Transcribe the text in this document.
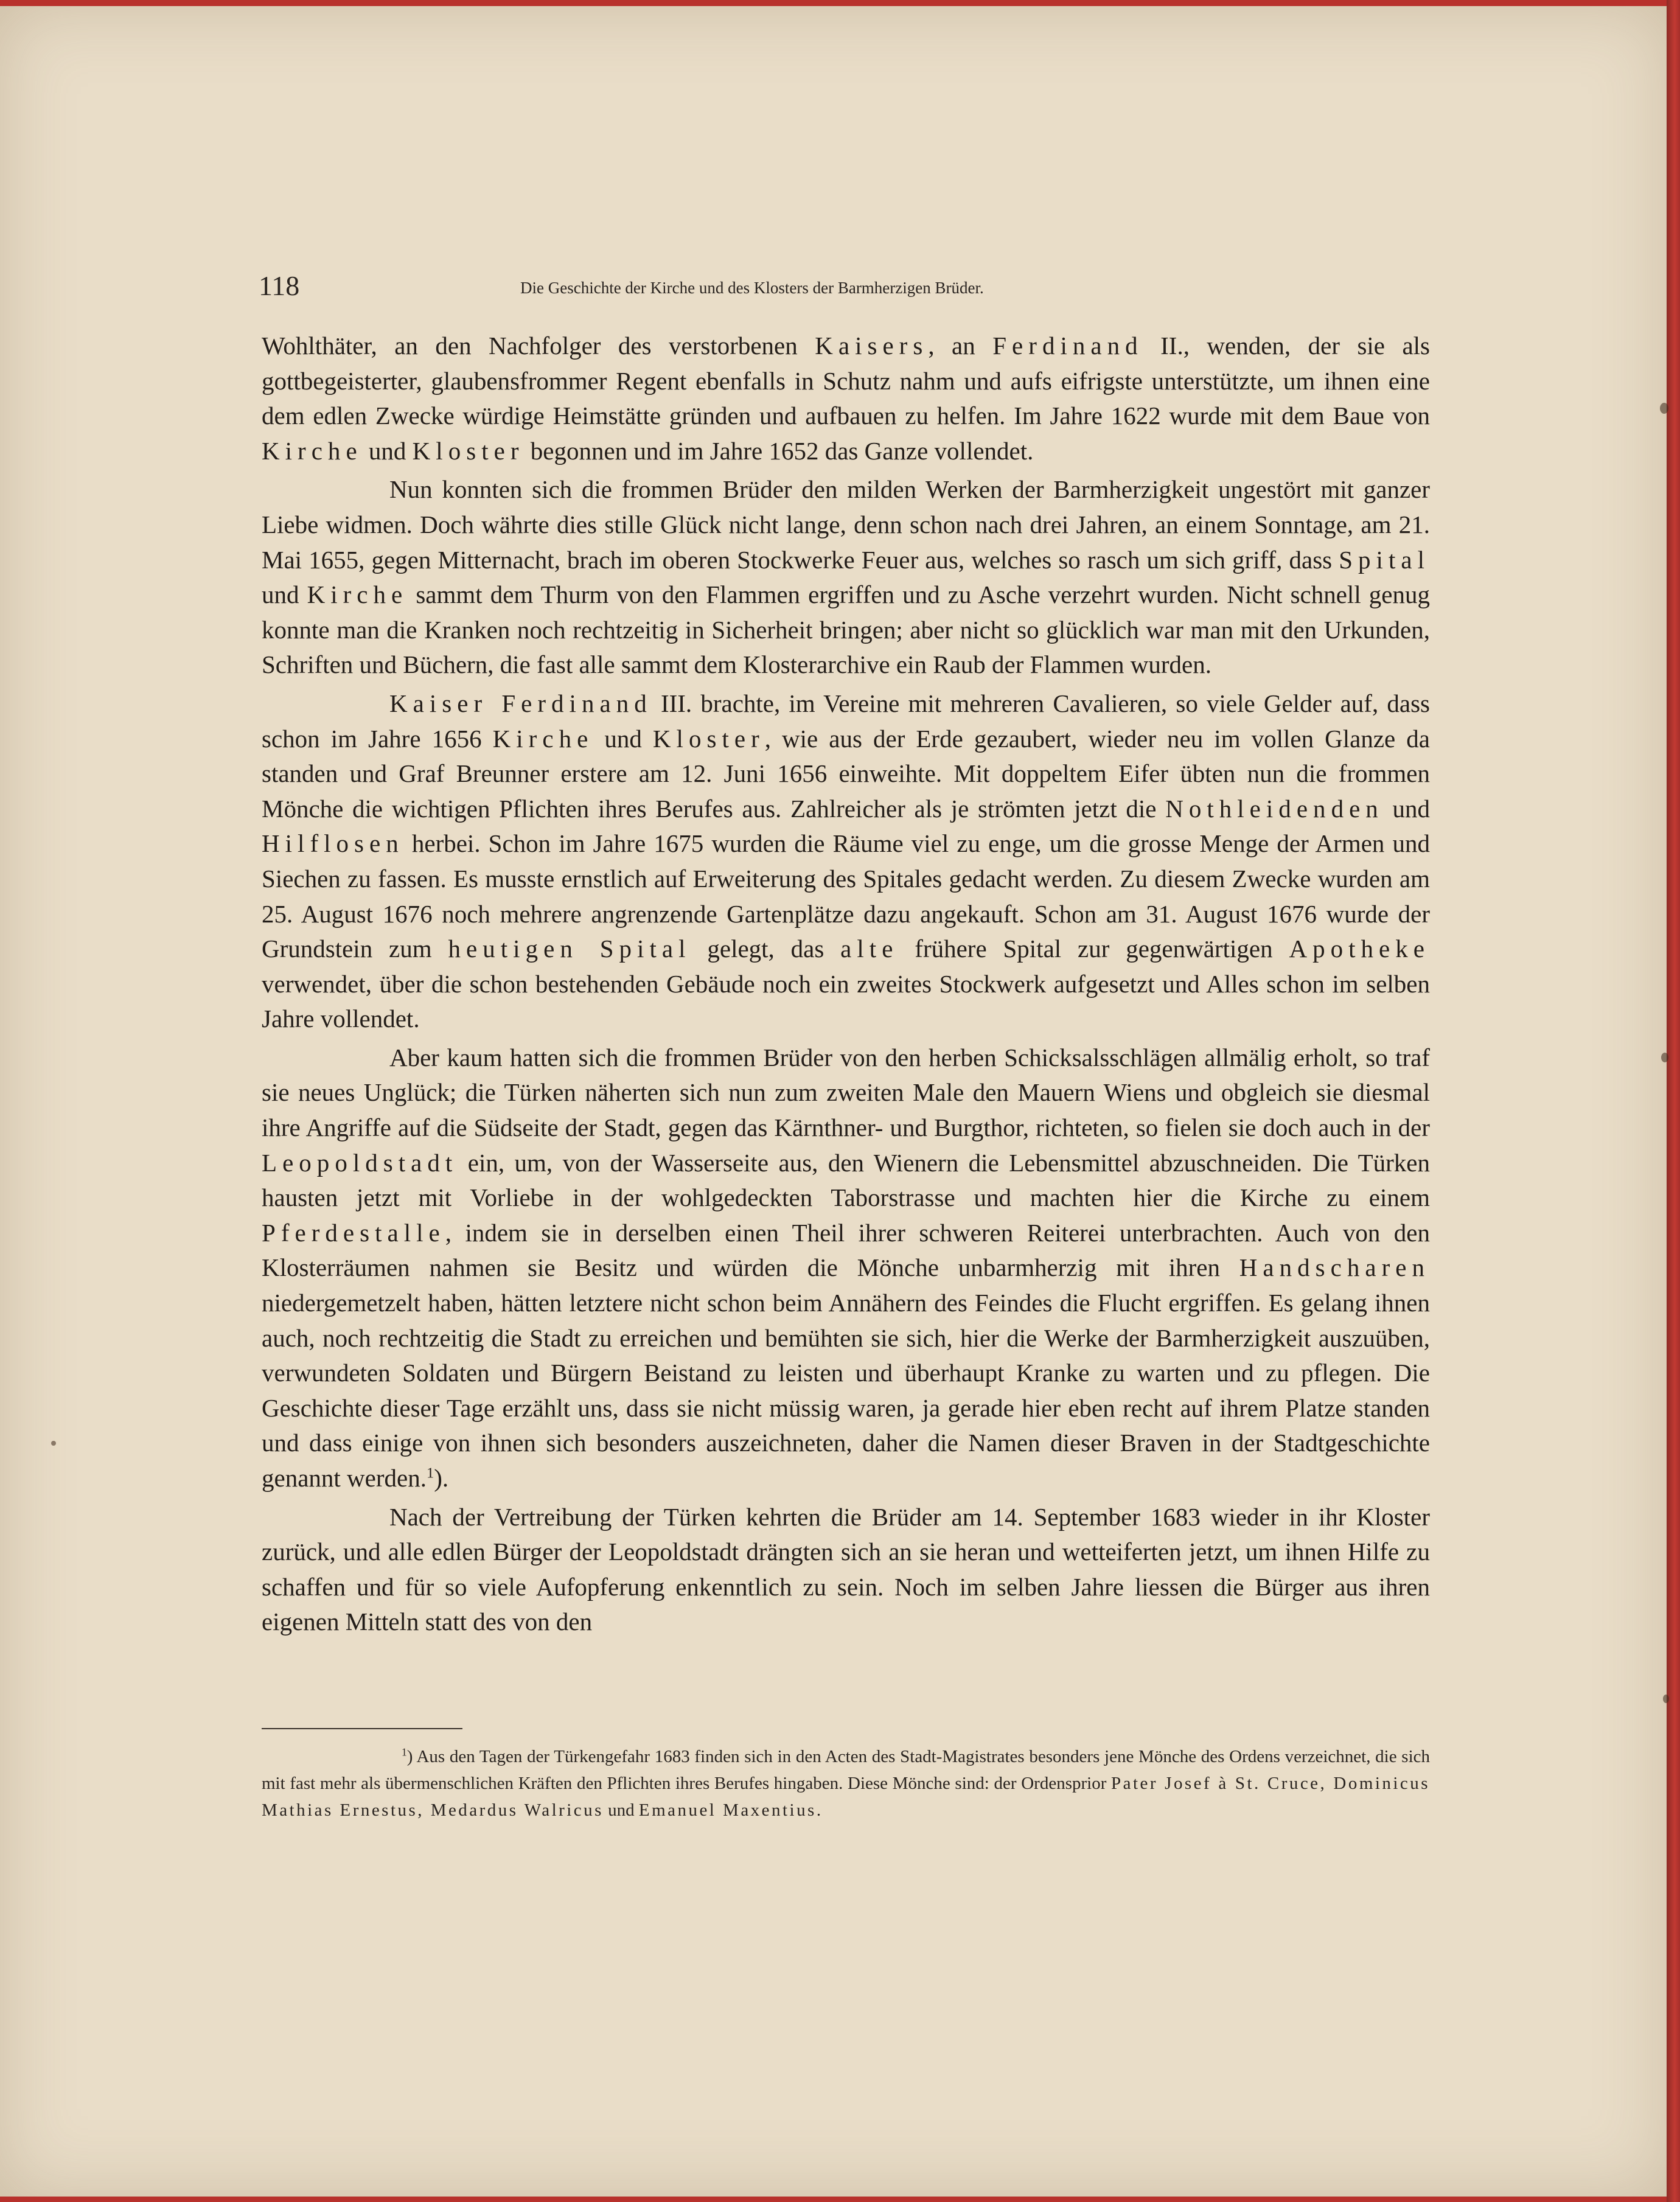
118	Die Geschichte der Kirche und des Klosters der Barmherzigen Brüder.

Wohlthäter, an den Nachfolger des verstorbenen Kaisers, an Ferdinand II., wenden, der sie als gottbegeisterter, glaubensfrommer Regent ebenfalls in Schutz nahm und aufs eifrigste unterstützte, um ihnen eine dem edlen Zwecke würdige Heimstätte gründen und aufbauen zu helfen. Im Jahre 1622 wurde mit dem Baue von Kirche und Kloster begonnen und im Jahre 1652 das Ganze vollendet.

Nun konnten sich die frommen Brüder den milden Werken der Barmherzigkeit ungestört mit ganzer Liebe widmen. Doch währte dies stille Glück nicht lange, denn schon nach drei Jahren, an einem Sonntage, am 21. Mai 1655, gegen Mitternacht, brach im oberen Stockwerke Feuer aus, welches so rasch um sich griff, dass Spital und Kirche sammt dem Thurm von den Flammen ergriffen und zu Asche verzehrt wurden. Nicht schnell genug konnte man die Kranken noch rechtzeitig in Sicherheit bringen; aber nicht so glücklich war man mit den Urkunden, Schriften und Büchern, die fast alle sammt dem Klosterarchive ein Raub der Flammen wurden.

Kaiser Ferdinand III. brachte, im Vereine mit mehreren Cavalieren, so viele Gelder auf, dass schon im Jahre 1656 Kirche und Kloster, wie aus der Erde gezaubert, wieder neu im vollen Glanze da standen und Graf Breunner erstere am 12. Juni 1656 einweihte. Mit doppeltem Eifer übten nun die frommen Mönche die wichtigen Pflichten ihres Berufes aus. Zahlreicher als je strömten jetzt die Nothleidenden und Hilflosen herbei. Schon im Jahre 1675 wurden die Räume viel zu enge, um die grosse Menge der Armen und Siechen zu fassen. Es musste ernstlich auf Erweiterung des Spitales gedacht werden. Zu diesem Zwecke wurden am 25. August 1676 noch mehrere angrenzende Gartenplätze dazu angekauft. Schon am 31. August 1676 wurde der Grundstein zum heutigen Spital gelegt, das alte frühere Spital zur gegenwärtigen Apotheke verwendet, über die schon bestehenden Gebäude noch ein zweites Stockwerk aufgesetzt und Alles schon im selben Jahre vollendet.

Aber kaum hatten sich die frommen Brüder von den herben Schicksalsschlägen allmälig erholt, so traf sie neues Unglück; die Türken näherten sich nun zum zweiten Male den Mauern Wiens und obgleich sie diesmal ihre Angriffe auf die Südseite der Stadt, gegen das Kärnthner- und Burgthor, richteten, so fielen sie doch auch in der Leopoldstadt ein, um, von der Wasserseite aus, den Wienern die Lebensmittel abzuschneiden. Die Türken hausten jetzt mit Vorliebe in der wohlgedeckten Taborstrasse und machten hier die Kirche zu einem Pferdestalle, indem sie in derselben einen Theil ihrer schweren Reiterei unterbrachten. Auch von den Klosterräumen nahmen sie Besitz und würden die Mönche unbarmherzig mit ihren Handscharen niedergemetzelt haben, hätten letztere nicht schon beim Annähern des Feindes die Flucht ergriffen. Es gelang ihnen auch, noch rechtzeitig die Stadt zu erreichen und bemühten sie sich, hier die Werke der Barmherzigkeit auszuüben, verwundeten Soldaten und Bürgern Beistand zu leisten und überhaupt Kranke zu warten und zu pflegen. Die Geschichte dieser Tage erzählt uns, dass sie nicht müssig waren, ja gerade hier eben recht auf ihrem Platze standen und dass einige von ihnen sich besonders auszeichneten, daher die Namen dieser Braven in der Stadtgeschichte genannt werden.$^1$).

Nach der Vertreibung der Türken kehrten die Brüder am 14. September 1683 wieder in ihr Kloster zurück, und alle edlen Bürger der Leopoldstadt drängten sich an sie heran und wetteiferten jetzt, um ihnen Hilfe zu schaffen und für so viele Aufopferung enkenntlich zu sein. Noch im selben Jahre liessen die Bürger aus ihren eigenen Mitteln statt des von den

$^1$) Aus den Tagen der Türkengefahr 1683 finden sich in den Acten des Stadt-Magistrates besonders jene Mönche des Ordens verzeichnet, die sich mit fast mehr als übermenschlichen Kräften den Pflichten ihres Berufes hingaben. Diese Mönche sind: der Ordensprior Pater Josef à St. Cruce, Dominicus Mathias Ernestus, Medardus Walricus und Emanuel Maxentius.
